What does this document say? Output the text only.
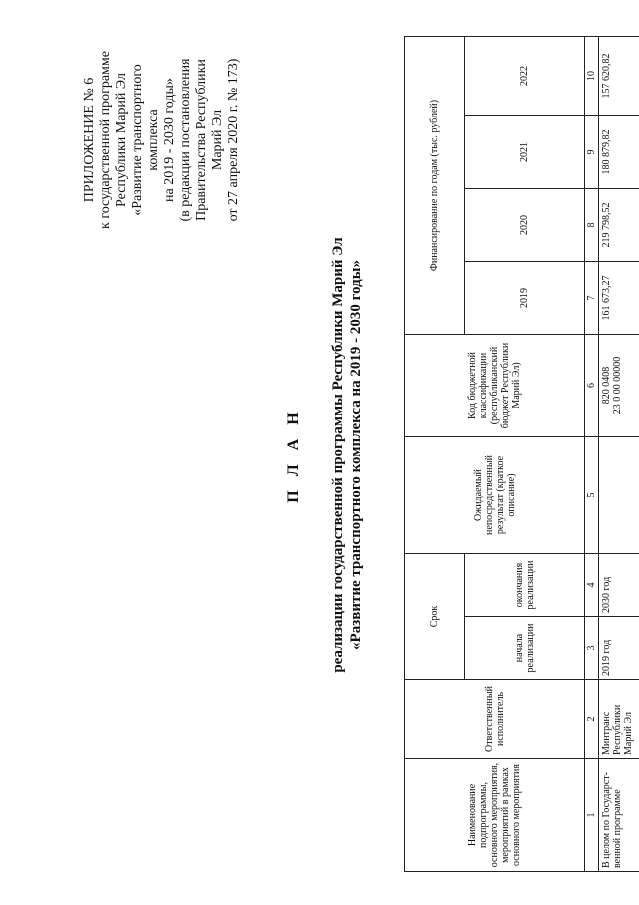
ПРИЛОЖЕНИЕ № 6 к государственной программе Республики Марий Эл «Развитие транспортного комплекса на 2019 - 2030 годы» (в редакции постановления Правительства Республики Марий Эл от 27 апреля 2020 г. № 173)
П Л А Н реализации государственной программы Республики Марий Эл «Развитие транспортного комплекса на 2019 - 2030 годы»
Наименование подпрограммы, основного мероприятия, мероприятий в рамках основного мероприятия	Ответственный исполнитель	Срок		Ожидаемый непосредственный результат (краткое описание)	Код бюджетной классификации (республиканский бюджет Республики Марий Эл)	Финансирование по годам (тыс. рублей)			
		начала реализации	окончания реализации			2019	2020	2021	2022
1	2	3	4	5	6	7	8	9	10
В целом по Государст-венной программе	Минтранс Республики Марий Эл	2019 год	2030 год		820 0408 23 0 00 00000	161 673,27	219 798,52	180 879,82	157 620,82
